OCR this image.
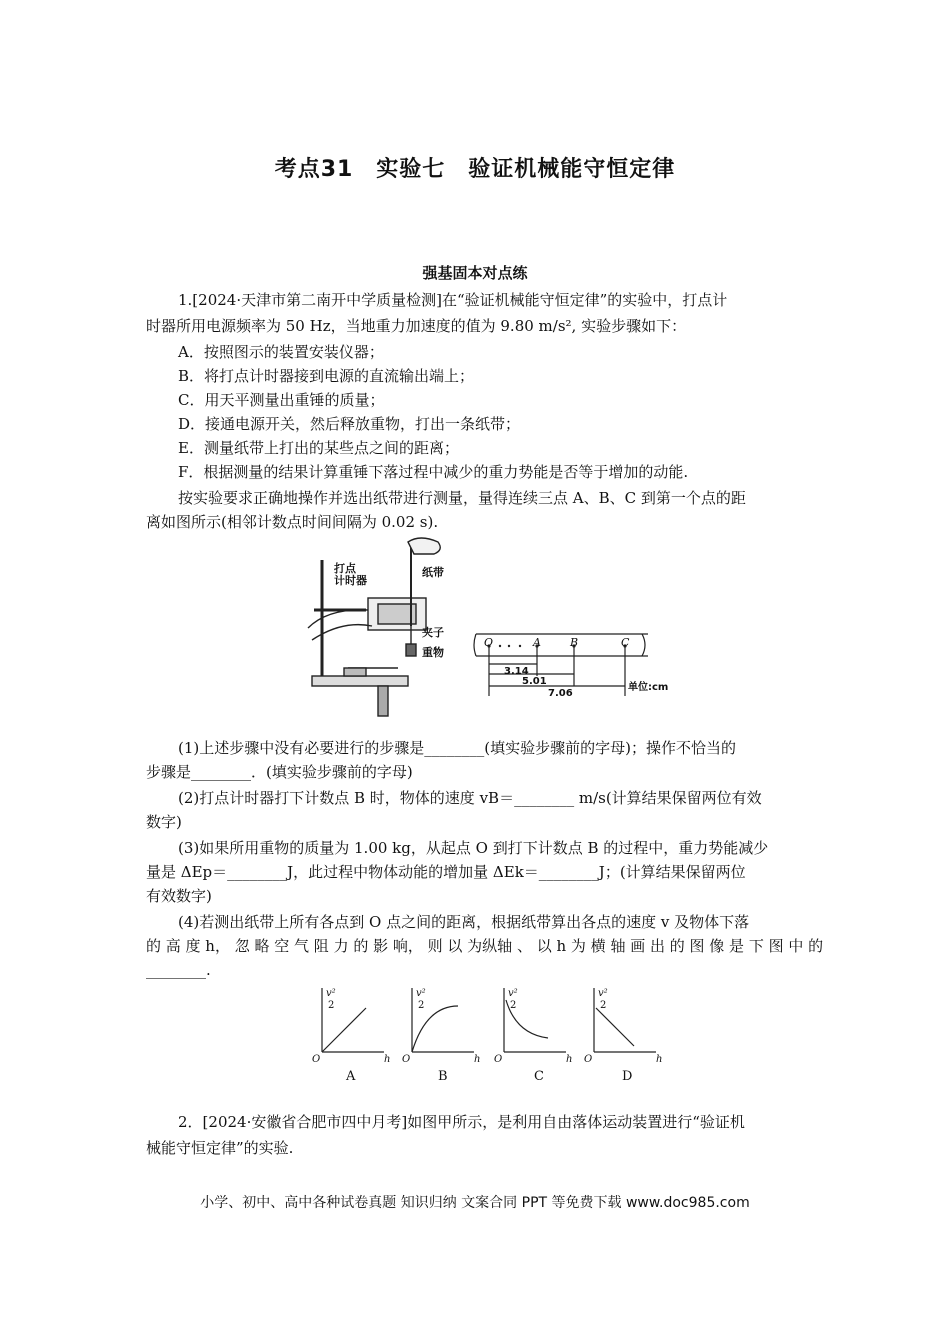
考点31　实验七　验证机械能守恒定律
强基固本对点练
1.[2024·天津市第二南开中学质量检测]在“验证机械能守恒定律”的实验中，打点计
时器所用电源频率为 50 Hz，当地重力加速度的值为 9.80 m/s², 实验步骤如下：
A．按照图示的装置安装仪器；
B．将打点计时器接到电源的直流输出端上；
C．用天平测量出重锤的质量；
D．接通电源开关，然后释放重物，打出一条纸带；
E．测量纸带上打出的某些点之间的距离；
F．根据测量的结果计算重锤下落过程中减少的重力势能是否等于增加的动能.
按实验要求正确地操作并选出纸带进行测量，量得连续三点 A、B、C 到第一个点的距
离如图所示(相邻计数点时间间隔为 0.02 s).
打点
计时器
纸带
夹子
重物
O	A	B	C
3.14
5.01
7.06
单位:cm
(1)上述步骤中没有必要进行的步骤是________(填实验步骤前的字母)；操作不恰当的
步骤是________．(填实验步骤前的字母)
(2)打点计时器打下计数点 B 时，物体的速度 vB＝________ m/s(计算结果保留两位有效
数字)
(3)如果所用重物的质量为 1.00 kg，从起点 O 到打下计数点 B 的过程中，重力势能减少
量是 ΔEp＝________J，此过程中物体动能的增加量 ΔEk＝________J；(计算结果保留两位
有效数字)
(4)若测出纸带上所有各点到 O 点之间的距离，根据纸带算出各点的速度 v 及物体下落
的 高 度 h， 忽 略 空 气 阻 力 的 影 响， 则 以 为纵轴 、 以 h 为 横 轴 画 出 的 图 像 是 下 图 中 的
________.
v²
2
v²
2
v²
2
v²
2
O	O	O	O
h	h	h	h
A	B	C	D
2．[2024·安徽省合肥市四中月考]如图甲所示，是利用自由落体运动装置进行“验证机
械能守恒定律”的实验.
小学、初中、高中各种试卷真题 知识归纳 文案合同 PPT 等免费下载 www.doc985.com
